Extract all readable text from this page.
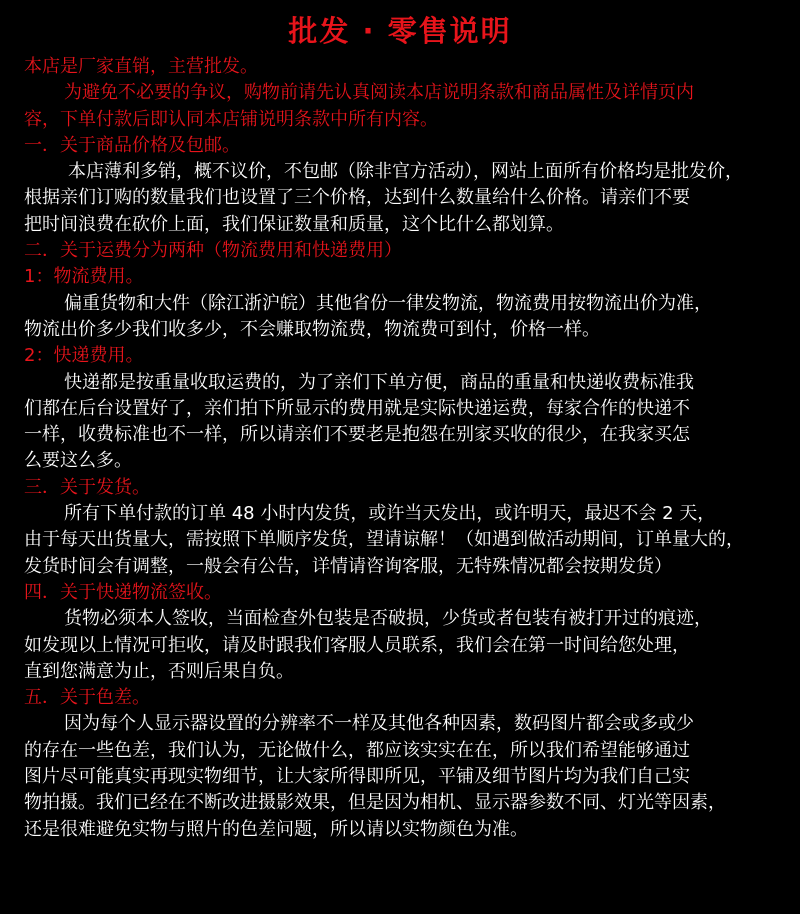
批发 · 零售说明

本店是厂家直销，主营批发。

为避免不必要的争议，购物前请先认真阅读本店说明条款和商品属性及详情页内

容，下单付款后即认同本店铺说明条款中所有内容。

一．关于商品价格及包邮。

本店薄利多销，概不议价，不包邮（除非官方活动），网站上面所有价格均是批发价，

根据亲们订购的数量我们也设置了三个价格，达到什么数量给什么价格。请亲们不要

把时间浪费在砍价上面，我们保证数量和质量，这个比什么都划算。

二．关于运费分为两种（物流费用和快递费用）

1：物流费用。

偏重货物和大件（除江浙沪皖）其他省份一律发物流，物流费用按物流出价为准，

物流出价多少我们收多少，不会赚取物流费，物流费可到付，价格一样。

2：快递费用。

快递都是按重量收取运费的，为了亲们下单方便，商品的重量和快递收费标准我

们都在后台设置好了，亲们拍下所显示的费用就是实际快递运费，每家合作的快递不

一样，收费标准也不一样，所以请亲们不要老是抱怨在别家买收的很少，在我家买怎

么要这么多。

三．关于发货。

所有下单付款的订单 48 小时内发货，或许当天发出，或许明天，最迟不会 2 天，

由于每天出货量大，需按照下单顺序发货，望请谅解！（如遇到做活动期间，订单量大的，

发货时间会有调整，一般会有公告，详情请咨询客服，无特殊情况都会按期发货）

四．关于快递物流签收。

货物必须本人签收，当面检查外包装是否破损，少货或者包装有被打开过的痕迹，

如发现以上情况可拒收，请及时跟我们客服人员联系，我们会在第一时间给您处理，

直到您满意为止，否则后果自负。

五．关于色差。

因为每个人显示器设置的分辨率不一样及其他各种因素，数码图片都会或多或少

的存在一些色差，我们认为，无论做什么，都应该实实在在，所以我们希望能够通过

图片尽可能真实再现实物细节，让大家所得即所见，平铺及细节图片均为我们自己实

物拍摄。我们已经在不断改进摄影效果，但是因为相机、显示器参数不同、灯光等因素，

还是很难避免实物与照片的色差问题，所以请以实物颜色为准。
